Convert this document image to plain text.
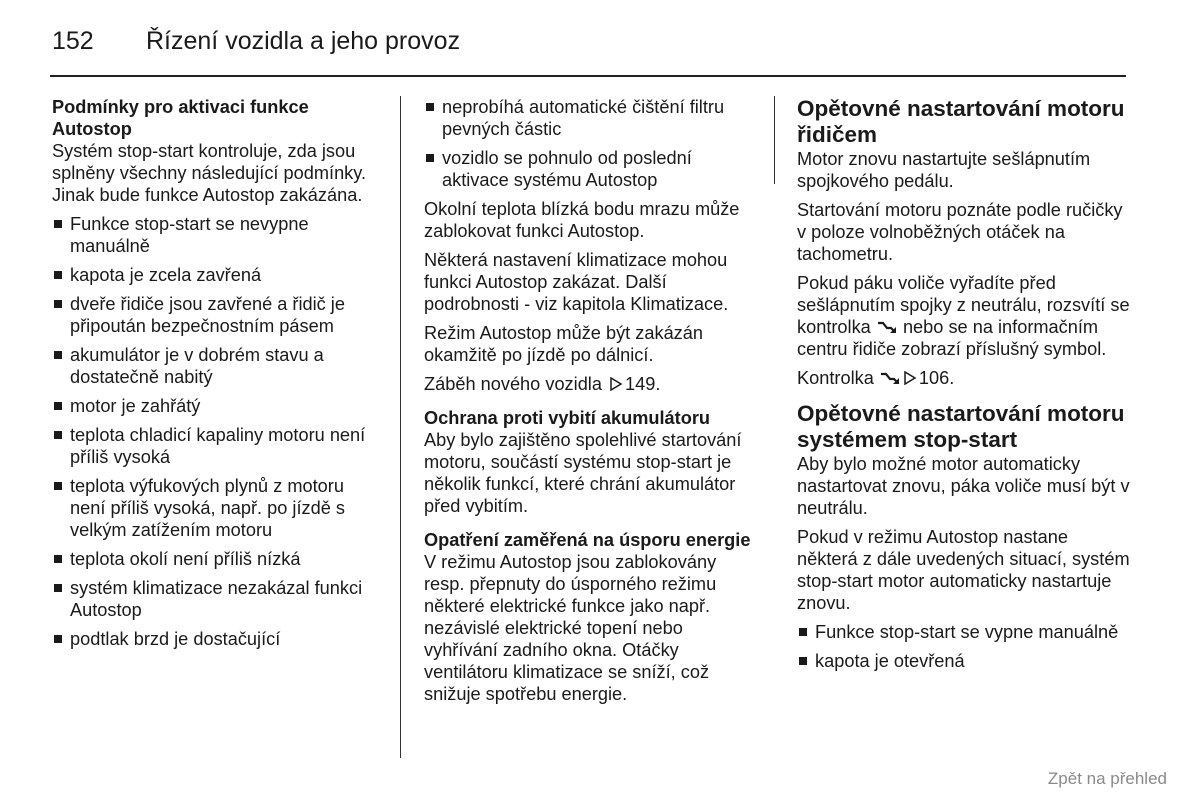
152 Řízení vozidla a jeho provoz
Podmínky pro aktivaci funkce Autostop

Systém stop-start kontroluje, zda jsou splněny všechny následující podmínky. Jinak bude funkce Autostop zakázána.

Funkce stop-start se nevypne manuálně
kapota je zcela zavřená
dveře řidiče jsou zavřené a řidič je připoután bezpečnostním pásem
akumulátor je v dobrém stavu a dostatečně nabitý
motor je zahřátý
teplota chladicí kapaliny motoru není příliš vysoká
teplota výfukových plynů z motoru není příliš vysoká, např. po jízdě s velkým zatížením motoru
teplota okolí není příliš nízká
systém klimatizace nezakázal funkci Autostop
podtlak brzd je dostačující
neprobíhá automatické čištění filtru pevných částic
vozidlo se pohnulo od poslední aktivace systému Autostop

Okolní teplota blízká bodu mrazu může zablokovat funkci Autostop.

Některá nastavení klimatizace mohou funkci Autostop zakázat. Další podrobnosti - viz kapitola Klimatizace.

Režim Autostop může být zakázán okamžitě po jízdě po dálnicí.

Záběh nového vozidla 149.

Ochrana proti vybití akumulátoru

Aby bylo zajištěno spolehlivé startování motoru, součástí systému stop-start je několik funkcí, které chrání akumulátor před vybitím.

Opatření zaměřená na úsporu energie

V režimu Autostop jsou zablokovány resp. přepnuty do úsporného režimu některé elektrické funkce jako např. nezávislé elektrické topení nebo vyhřívání zadního okna. Otáčky ventilátoru klimatizace se sníží, což snižuje spotřebu energie.

Opětovné nastartování motoru řidičem

Motor znovu nastartujte sešlápnutím spojkového pedálu.

Startování motoru poznáte podle ručičky v poloze volnoběžných otáček na tachometru.

Pokud páku voliče vyřadíte před sešlápnutím spojky z neutrálu, rozsvítí se kontrolka nebo se na informačním centru řidiče zobrazí příslušný symbol.

Kontrolka 106.

Opětovné nastartování motoru systémem stop-start

Aby bylo možné motor automaticky nastartovat znovu, páka voliče musí být v neutrálu.

Pokud v režimu Autostop nastane některá z dále uvedených situací, systém stop-start motor automaticky nastartuje znovu.

Funkce stop-start se vypne manuálně
kapota je otevřená
Zpět na přehled
